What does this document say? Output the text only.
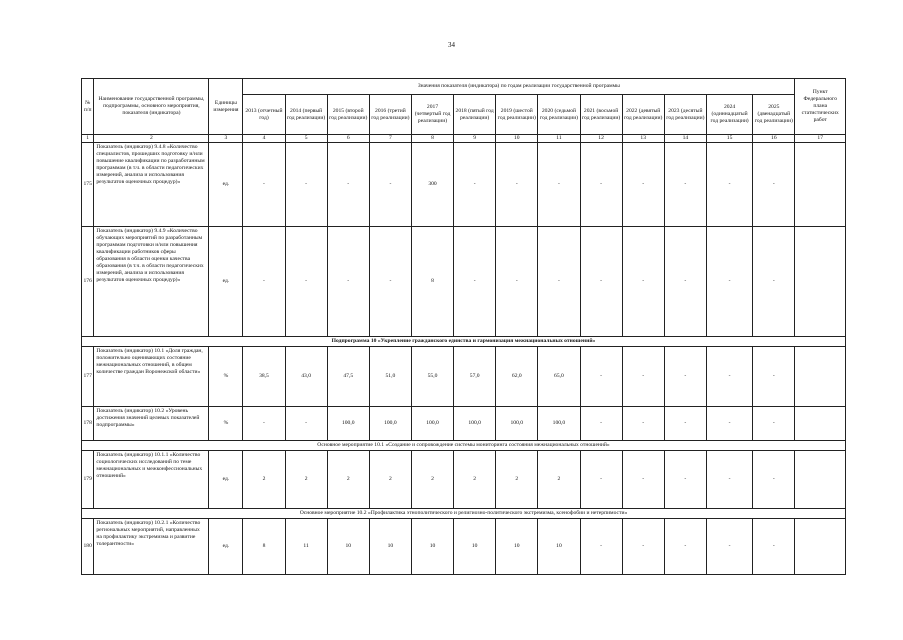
34
№ п/п	Наименование государственной программы, подпрограммы, основного мероприятия, показателя (индикатора)	Единицы измерения	Значения показателя (индикатора) по годам реализации государственной программы													Пункт Федерального плана статистических работ
			2013 (отчетный год)	2014 (первый год реализации)	2015 (второй год реализации)	2016 (третий год реализации)	2017 (четвертый год реализации)	2018 (пятый год реализации)	2019 (шестой год реализации)	2020 (седьмой год реализации)	2021 (восьмой год реализации)	2022 (девятый год реализации)	2023 (десятый год реализации)	2024 (одиннадцатый год реализации)	2025 (двенадцатый год реализации)	
1	2	3	4	5	6	7	8	9	10	11	12	13	14	15	16	17
175	Показатель (индикатор) 9.4.8 «Количество специалистов, прошедших подготовку и/или повышение квалификации по разработанным программам (в т.ч. в области педагогических измерений, анализа и использования результатов оценочных процедур)»	ед.	-	-	-	-	300	-	-	-	-	-	-	-	-	
176	Показатель (индикатор) 9.4.9 «Количество обучающих мероприятий по разработанным программам подготовки и/или повышения квалификации работников сферы образования в области оценки качества образования (в т.ч. в области педагогических измерений, анализа и использования результатов оценочных процедур)»	ед.	-	-	-	-	8	-	-	-	-	-	-	-	-	
Подпрограмма 10 «Укрепление гражданского единства и гармонизация межнациональных отношений»																
177	Показатель (индикатор) 10.1 «Доля граждан, положительно оценивающих состояние межнациональных отношений, в общем количестве граждан Воронежской области»	%	38,5	43,0	47,5	51,0	55,0	57,0	62,0	65,0	-	-	-	-	-	
178	Показатель (индикатор) 10.2 «Уровень достижения значений целевых показателей подпрограммы»	%	-	-	100,0	100,0	100,0	100,0	100,0	100,0	-	-	-	-	-	
Основное мероприятие 10.1 «Создание и сопровождение системы мониторинга состояния межнациональных отношений»																
179	Показатель (индикатор) 10.1.1 «Количество социологических исследований по теме межнациональных и межконфессиональных отношений»	ед.	2	2	2	2	2	2	2	2	-	-	-	-	-	
Основное мероприятие 10.2 «Профилактика этнополитического и религиозно-политического экстремизма, ксенофобии и нетерпимости»																
180	Показатель (индикатор) 10.2.1 «Количество региональных мероприятий, направленных на профилактику экстремизма и развитие толерантности»	ед.	8	11	10	10	10	10	10	10	-	-	-	-	-	
